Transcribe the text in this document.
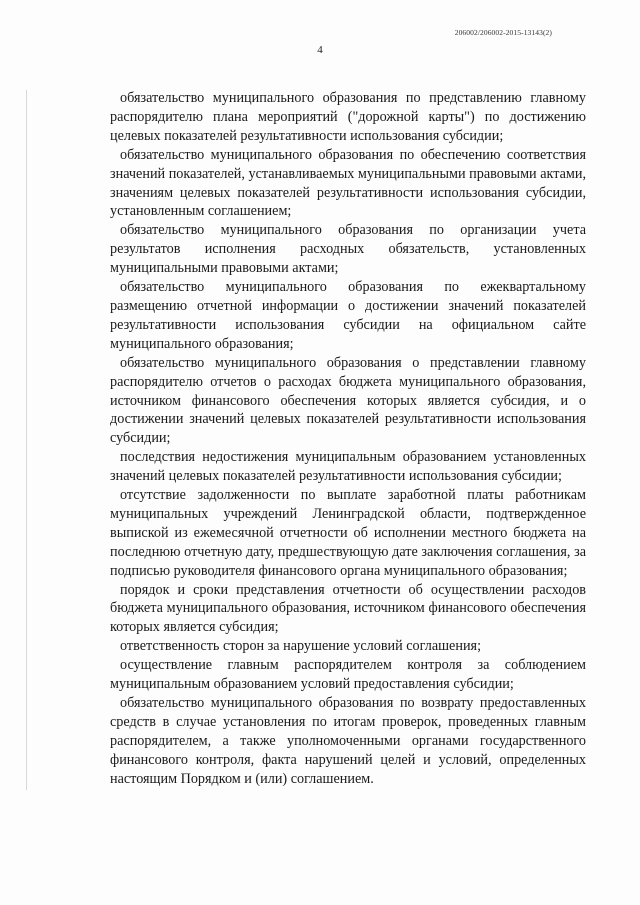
206002/206002-2015-13143(2)
4

обязательство муниципального образования по представлению главному распорядителю плана мероприятий ("дорожной карты") по достижению целевых показателей результативности использования субсидии;

обязательство муниципального образования по обеспечению соответствия значений показателей, устанавливаемых муниципальными правовыми актами, значениям целевых показателей результативности использования субсидии, установленным соглашением;

обязательство муниципального образования по организации учета результатов исполнения расходных обязательств, установленных муниципальными правовыми актами;

обязательство муниципального образования по ежеквартальному размещению отчетной информации о достижении значений показателей результативности использования субсидии на официальном сайте муниципального образования;

обязательство муниципального образования о представлении главному распорядителю отчетов о расходах бюджета муниципального образования, источником финансового обеспечения которых является субсидия, и о достижении значений целевых показателей результативности использования субсидии;

последствия недостижения муниципальным образованием установленных значений целевых показателей результативности использования субсидии;

отсутствие задолженности по выплате заработной платы работникам муниципальных учреждений Ленинградской области, подтвержденное выпиской из ежемесячной отчетности об исполнении местного бюджета на последнюю отчетную дату, предшествующую дате заключения соглашения, за подписью руководителя финансового органа муниципального образования;

порядок и сроки представления отчетности об осуществлении расходов бюджета муниципального образования, источником финансового обеспечения которых является субсидия;

ответственность сторон за нарушение условий соглашения;

осуществление главным распорядителем контроля за соблюдением муниципальным образованием условий предоставления субсидии;

обязательство муниципального образования по возврату предоставленных средств в случае установления по итогам проверок, проведенных главным распорядителем, а также уполномоченными органами государственного финансового контроля, факта нарушений целей и условий, определенных настоящим Порядком и (или) соглашением.
